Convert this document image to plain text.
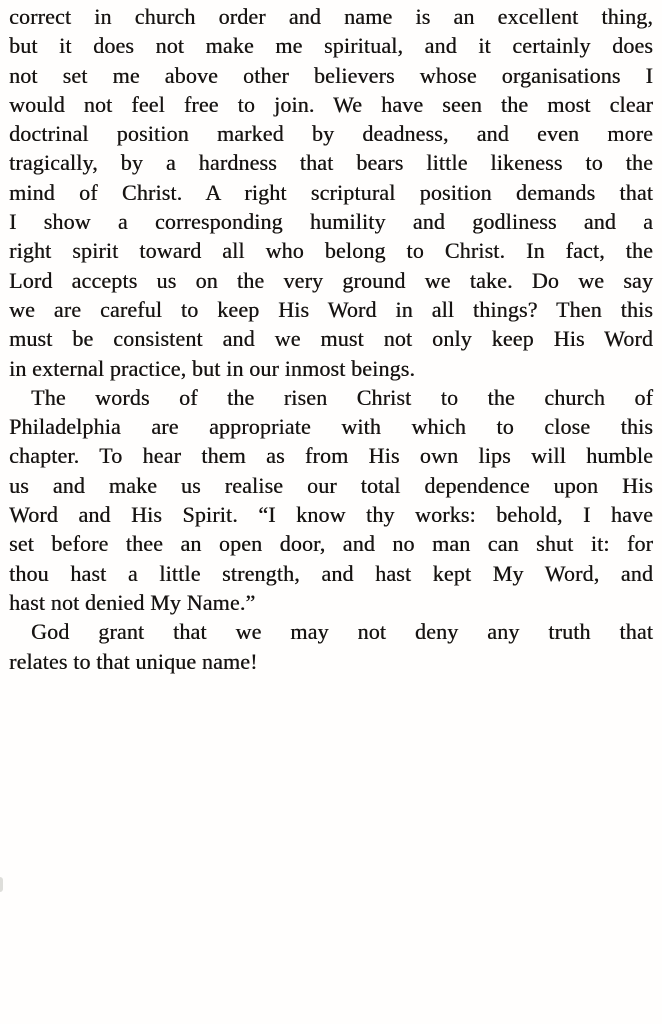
correct in church order and name is an excellent thing,
but it does not make me spiritual, and it certainly does
not set me above other believers whose organisations I
would not feel free to join. We have seen the most clear
doctrinal position marked by deadness, and even more
tragically, by a hardness that bears little likeness to the
mind of Christ. A right scriptural position demands that
I show a corresponding humility and godliness and a
right spirit toward all who belong to Christ. In fact, the
Lord accepts us on the very ground we take. Do we say
we are careful to keep His Word in all things? Then this
must be consistent and we must not only keep His Word
in external practice, but in our inmost beings.
The words of the risen Christ to the church of
Philadelphia are appropriate with which to close this
chapter. To hear them as from His own lips will humble
us and make us realise our total dependence upon His
Word and His Spirit. “I know thy works: behold, I have
set before thee an open door, and no man can shut it: for
thou hast a little strength, and hast kept My Word, and
hast not denied My Name.”
God grant that we may not deny any truth that
relates to that unique name!
